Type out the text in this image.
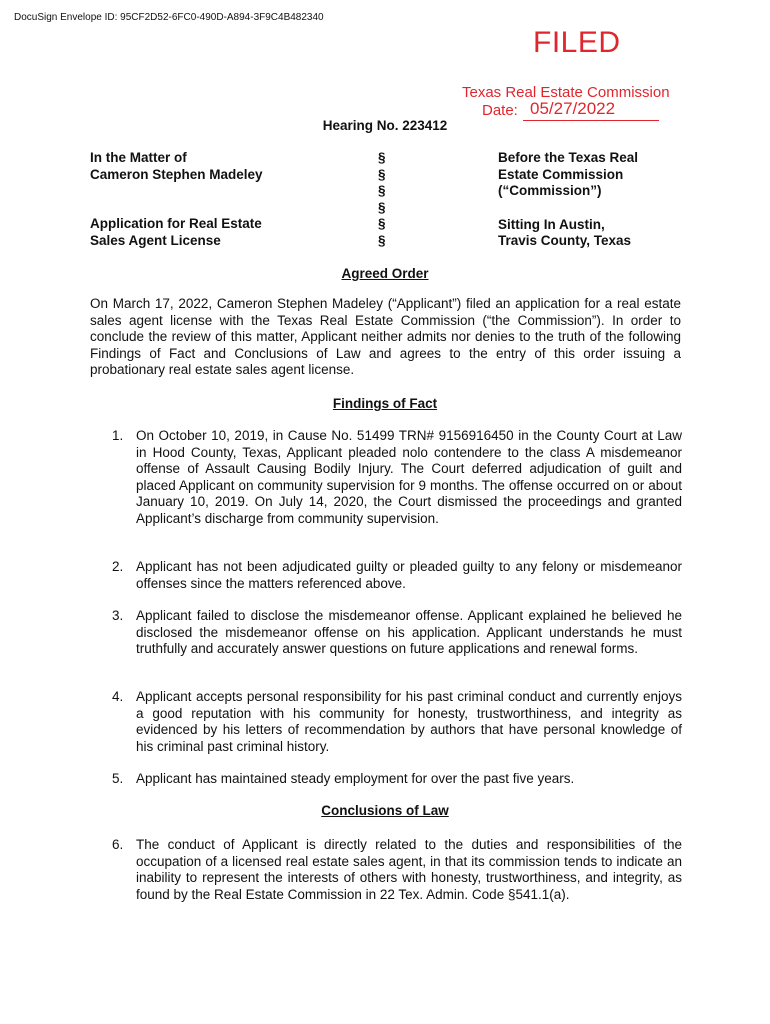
DocuSign Envelope ID: 95CF2D52-6FC0-490D-A894-3F9C4B482340
FILED
Texas Real Estate Commission
Date: 05/27/2022
Hearing No. 223412
In the Matter of
Cameron Stephen Madeley
Application for Real Estate
Sales Agent License
§
§
§
§
§
§
Before the Texas Real
Estate Commission
(“Commission”)
Sitting In Austin,
Travis County, Texas
Agreed Order
On March 17, 2022, Cameron Stephen Madeley (“Applicant”) filed an application for a real estate sales agent license with the Texas Real Estate Commission (“the Commission”). In order to conclude the review of this matter, Applicant neither admits nor denies to the truth of the following Findings of Fact and Conclusions of Law and agrees to the entry of this order issuing a probationary real estate sales agent license.
Findings of Fact
1. On October 10, 2019, in Cause No. 51499 TRN# 9156916450 in the County Court at Law in Hood County, Texas, Applicant pleaded nolo contendere to the class A misdemeanor offense of Assault Causing Bodily Injury. The Court deferred adjudication of guilt and placed Applicant on community supervision for 9 months. The offense occurred on or about January 10, 2019. On July 14, 2020, the Court dismissed the proceedings and granted Applicant’s discharge from community supervision.
2. Applicant has not been adjudicated guilty or pleaded guilty to any felony or misdemeanor offenses since the matters referenced above.
3. Applicant failed to disclose the misdemeanor offense. Applicant explained he believed he disclosed the misdemeanor offense on his application. Applicant understands he must truthfully and accurately answer questions on future applications and renewal forms.
4. Applicant accepts personal responsibility for his past criminal conduct and currently enjoys a good reputation with his community for honesty, trustworthiness, and integrity as evidenced by his letters of recommendation by authors that have personal knowledge of his criminal past criminal history.
5. Applicant has maintained steady employment for over the past five years.
Conclusions of Law
6. The conduct of Applicant is directly related to the duties and responsibilities of the occupation of a licensed real estate sales agent, in that its commission tends to indicate an inability to represent the interests of others with honesty, trustworthiness, and integrity, as found by the Real Estate Commission in 22 Tex. Admin. Code §541.1(a).
